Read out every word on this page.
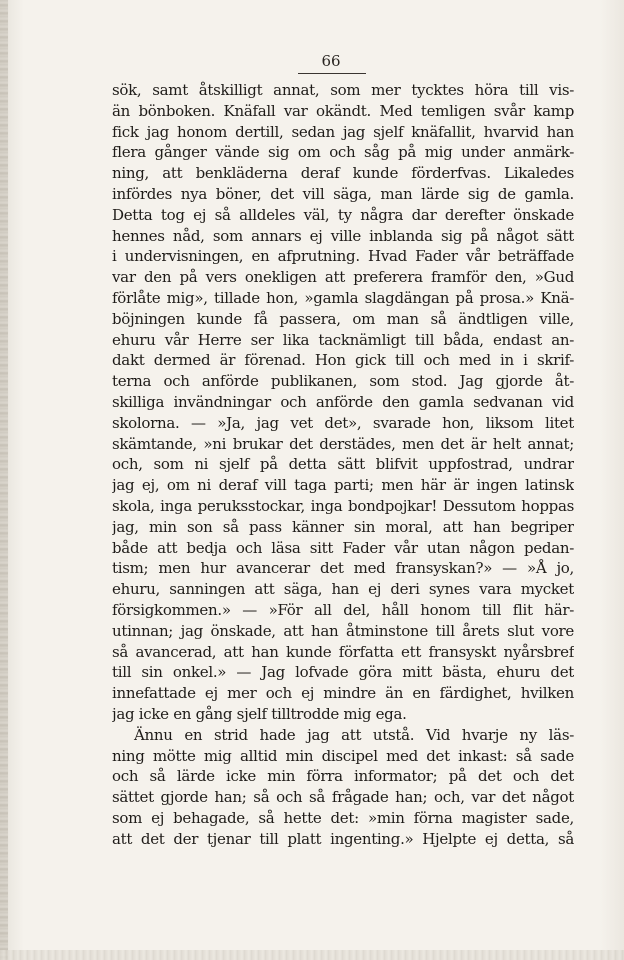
66
sök, samt åtskilligt annat, som mer tycktes höra till vis-
än bönboken. Knäfall var okändt. Med temligen svår kamp
fick jag honom dertill, sedan jag sjelf knäfallit, hvarvid han
flera gånger vände sig om och såg på mig under anmärk-
ning, att benkläderna deraf kunde förderfvas. Likaledes
infördes nya böner, det vill säga, man lärde sig de gamla.
Detta tog ej så alldeles väl, ty några dar derefter önskade
hennes nåd, som annars ej ville inblanda sig på något sätt
i undervisningen, en afprutning. Hvad Fader vår beträffade
var den på vers onekligen att preferera framför den, »Gud
förlåte mig», tillade hon, »gamla slagdängan på prosa.» Knä-
böjningen kunde få passera, om man så ändtligen ville,
ehuru vår Herre ser lika tacknämligt till båda, endast an-
dakt dermed är förenad. Hon gick till och med in i skrif-
terna och anförde publikanen, som stod. Jag gjorde åt-
skilliga invändningar och anförde den gamla sedvanan vid
skolorna. — »Ja, jag vet det», svarade hon, liksom litet
skämtande, »ni brukar det derstädes, men det är helt annat;
och, som ni sjelf på detta sätt blifvit uppfostrad, undrar
jag ej, om ni deraf vill taga parti; men här är ingen latinsk
skola, inga peruksstockar, inga bondpojkar! Dessutom hoppas
jag, min son så pass känner sin moral, att han begriper
både att bedja och läsa sitt Fader vår utan någon pedan-
tism; men hur avancerar det med fransyskan?» — »Å jo,
ehuru, sanningen att säga, han ej deri synes vara mycket
försigkommen.» — »För all del, håll honom till flit här-
utinnan; jag önskade, att han åtminstone till årets slut vore
så avancerad, att han kunde författa ett fransyskt nyårsbref
till sin onkel.» — Jag lofvade göra mitt bästa, ehuru det
innefattade ej mer och ej mindre än en färdighet, hvilken
jag icke en gång sjelf tilltrodde mig ega.
Ännu en strid hade jag att utstå. Vid hvarje ny läs-
ning mötte mig alltid min discipel med det inkast: så sade
och så lärde icke min förra informator; på det och det
sättet gjorde han; så och så frågade han; och, var det något
som ej behagade, så hette det: »min förna magister sade,
att det der tjenar till platt ingenting.» Hjelpte ej detta, så
